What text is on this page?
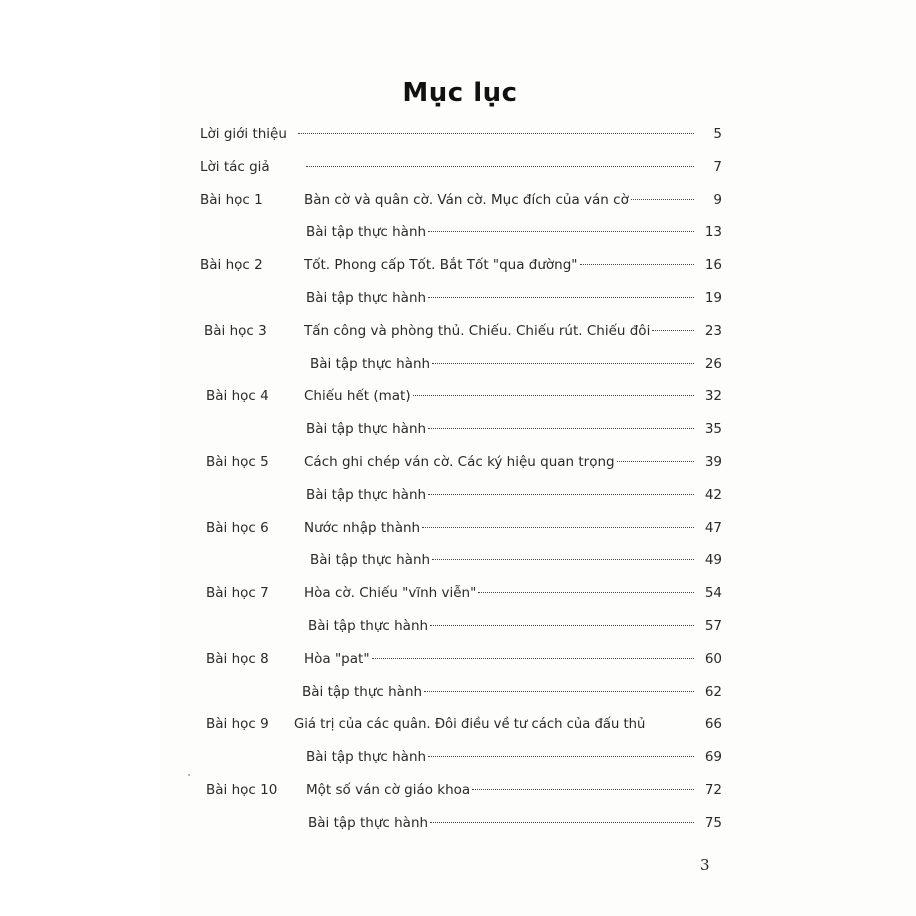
Mục lục
Lời giới thiệu	5
Lời tác giả	7
Bài học 1	Bàn cờ và quân cờ. Ván cờ. Mục đích của ván cờ	9
Bài tập thực hành	13
Bài học 2	Tốt. Phong cấp Tốt. Bắt Tốt "qua đường"	16
Bài tập thực hành	19
Bài học 3	Tấn công và phòng thủ. Chiếu. Chiếu rút. Chiếu đôi	23
Bài tập thực hành	26
Bài học 4	Chiếu hết (mat)	32
Bài tập thực hành	35
Bài học 5	Cách ghi chép ván cờ. Các ký hiệu quan trọng	39
Bài tập thực hành	42
Bài học 6	Nước nhập thành	47
Bài tập thực hành	49
Bài học 7	Hòa cờ. Chiếu "vĩnh viễn"	54
Bài tập thực hành	57
Bài học 8	Hòa "pat"	60
Bài tập thực hành	62
Bài học 9 Giá trị của các quân. Đôi điều về tư cách của đấu thủ	66
Bài tập thực hành	69
Bài học 10 Một số ván cờ giáo khoa	72
Bài tập thực hành	75
3
